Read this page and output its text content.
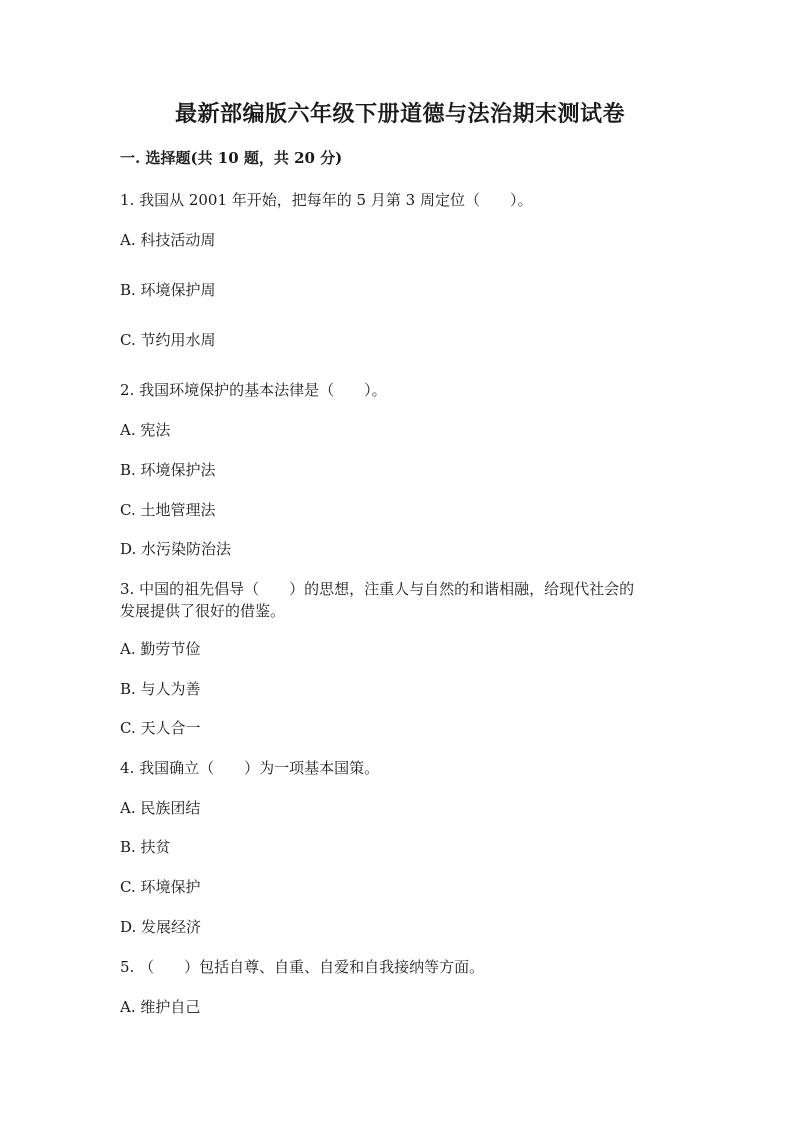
最新部编版六年级下册道德与法治期末测试卷
一. 选择题(共 10 题，共 20 分)
1. 我国从 2001 年开始，把每年的 5 月第 3 周定位（　　）。
A. 科技活动周
B. 环境保护周
C. 节约用水周
2. 我国环境保护的基本法律是（　　）。
A. 宪法
B. 环境保护法
C. 土地管理法
D. 水污染防治法
3. 中国的祖先倡导（　　）的思想，注重人与自然的和谐相融，给现代社会的
发展提供了很好的借鉴。
A. 勤劳节俭
B. 与人为善
C. 天人合一
4. 我国确立（　　）为一项基本国策。
A. 民族团结
B. 扶贫
C. 环境保护
D. 发展经济
5. （　　）包括自尊、自重、自爱和自我接纳等方面。
A. 维护自己
